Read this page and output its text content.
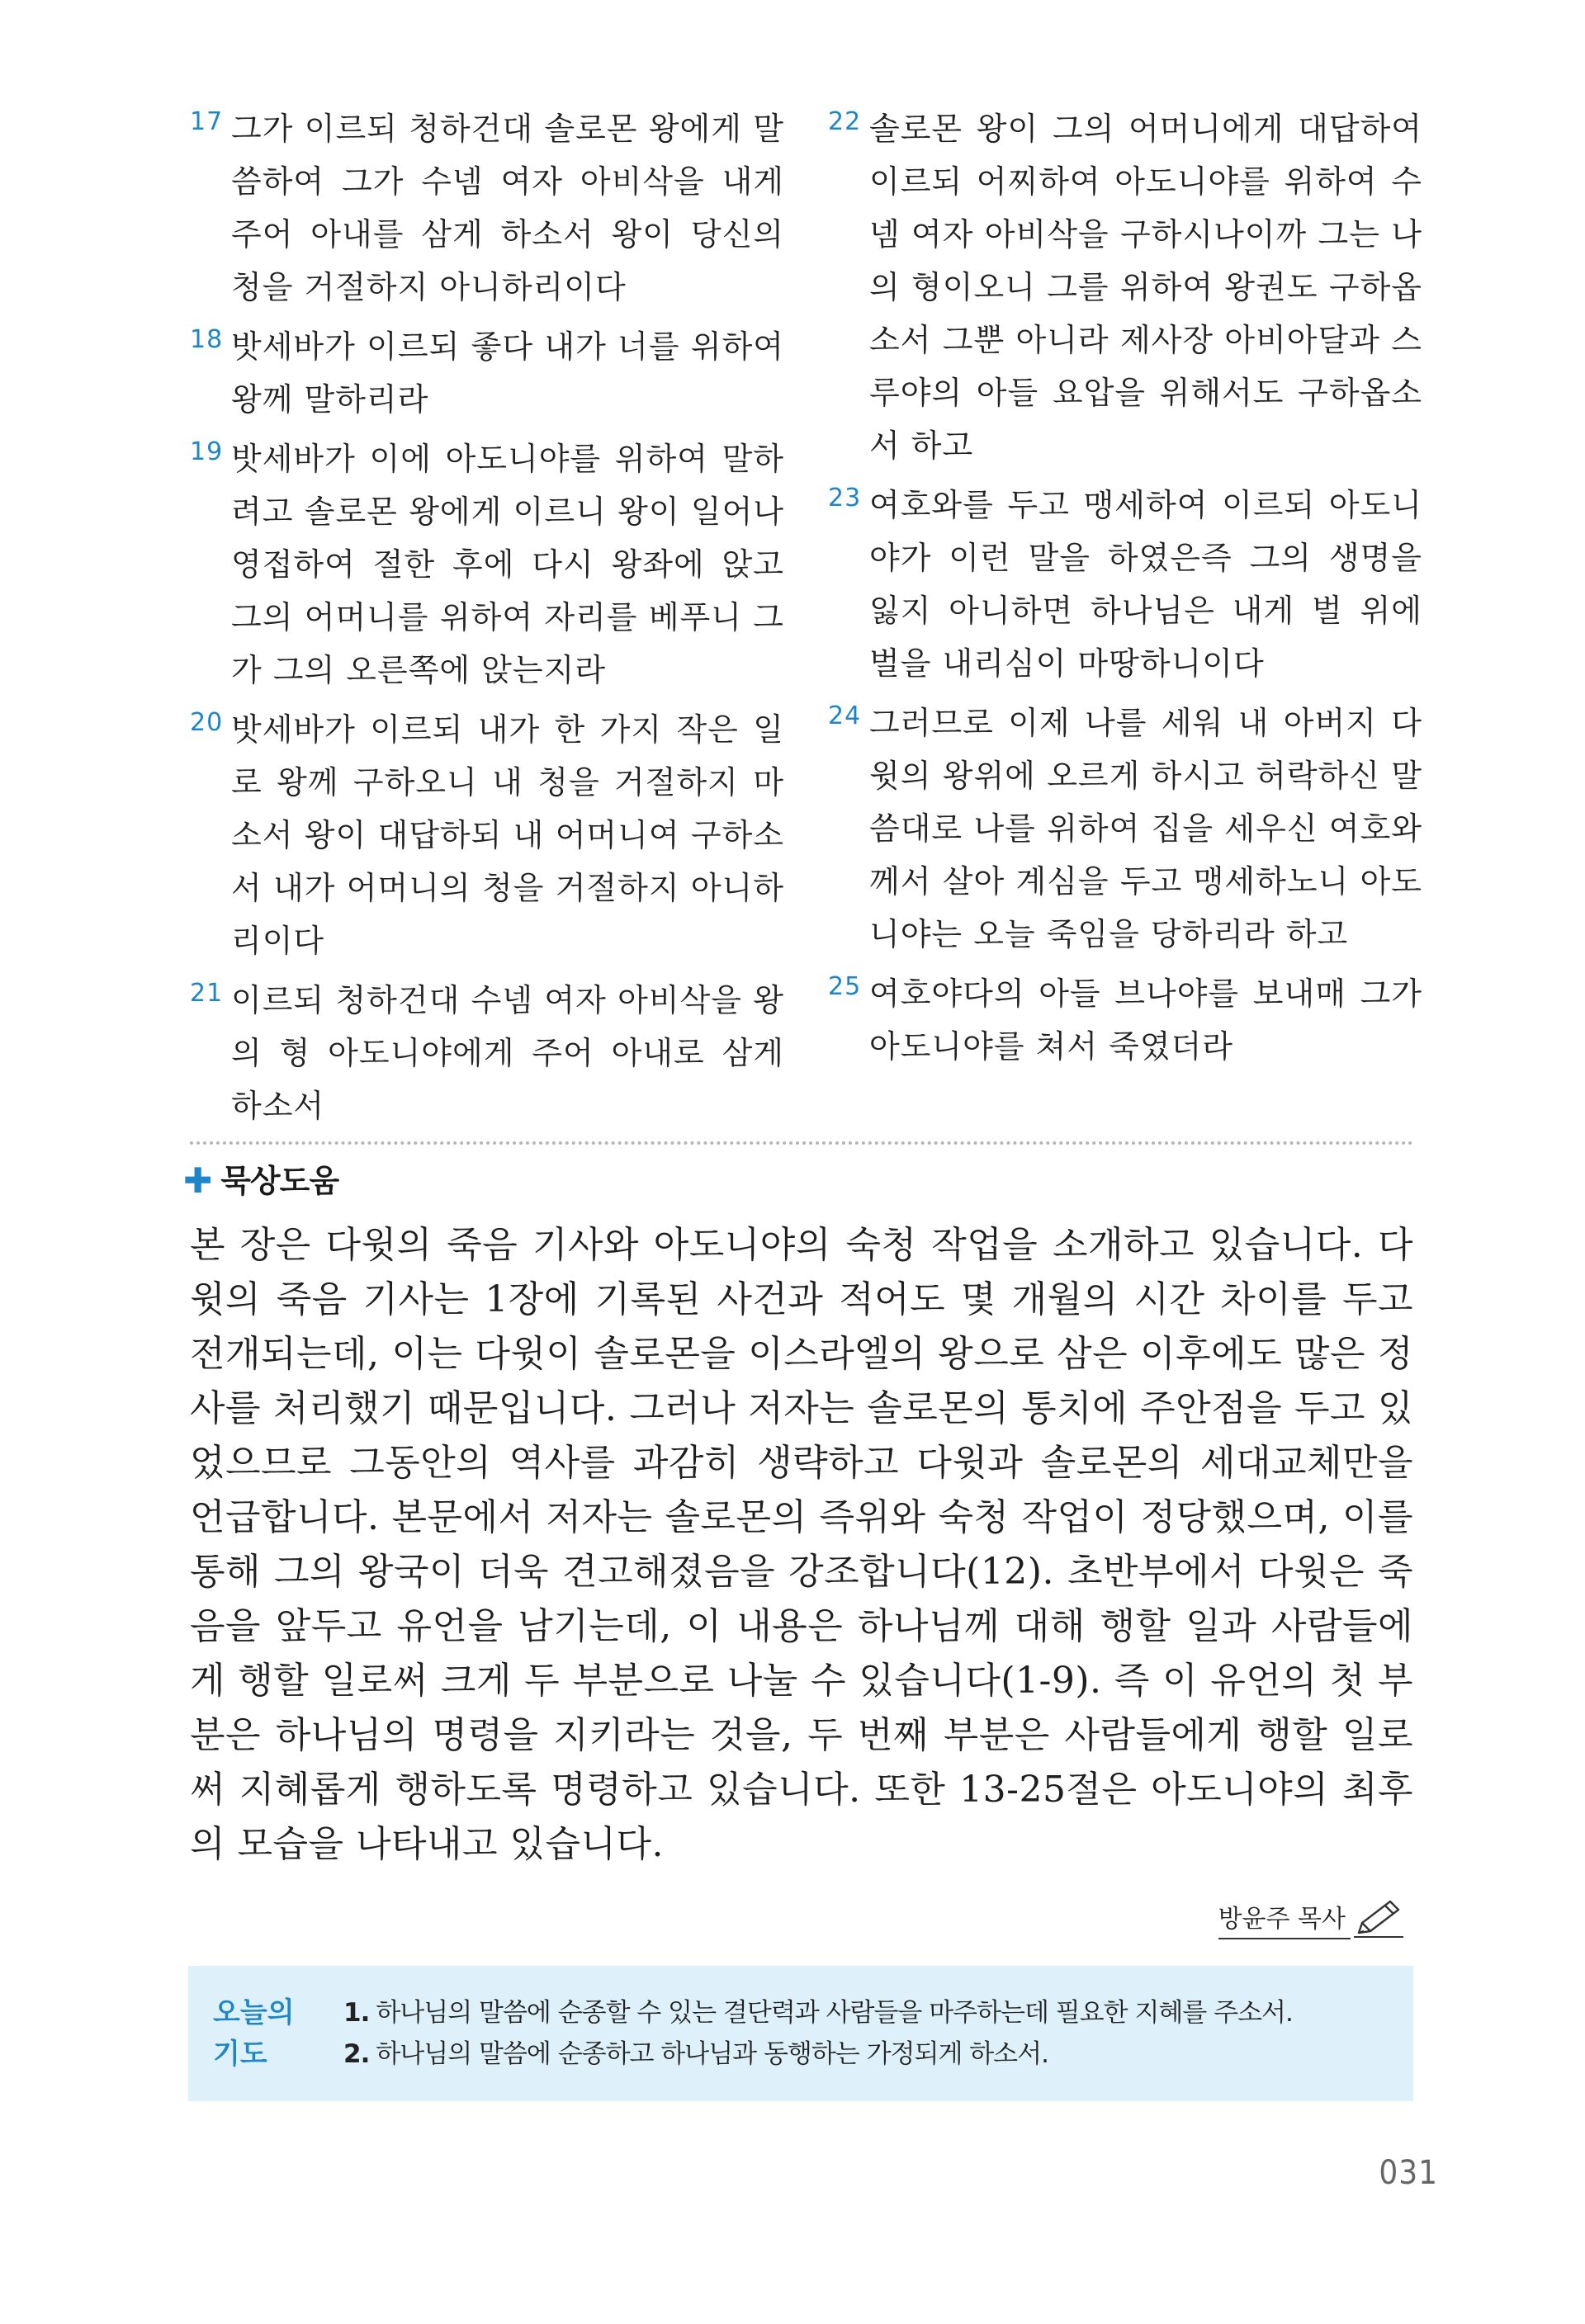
17 그가 이르되 청하건대 솔로몬 왕에게 말씀하여 그가 수넴 여자 아비삭을 내게 주어 아내를 삼게 하소서 왕이 당신의 청을 거절하지 아니하리이다
18 밧세바가 이르되 좋다 내가 너를 위하여 왕께 말하리라
19 밧세바가 이에 아도니야를 위하여 말하려고 솔로몬 왕에게 이르니 왕이 일어나 영접하여 절한 후에 다시 왕좌에 앉고 그의 어머니를 위하여 자리를 베푸니 그가 그의 오른쪽에 앉는지라
20 밧세바가 이르되 내가 한 가지 작은 일로 왕께 구하오니 내 청을 거절하지 마소서 왕이 대답하되 내 어머니여 구하소서 내가 어머니의 청을 거절하지 아니하리이다
21 이르되 청하건대 수넴 여자 아비삭을 왕의 형 아도니야에게 주어 아내로 삼게 하소서
22 솔로몬 왕이 그의 어머니에게 대답하여 이르되 어찌하여 아도니야를 위하여 수넴 여자 아비삭을 구하시나이까 그는 나의 형이오니 그를 위하여 왕권도 구하옵소서 그뿐 아니라 제사장 아비아달과 스루야의 아들 요압을 위해서도 구하옵소서 하고
23 여호와를 두고 맹세하여 이르되 아도니야가 이런 말을 하였은즉 그의 생명을 잃지 아니하면 하나님은 내게 벌 위에 벌을 내리심이 마땅하니이다
24 그러므로 이제 나를 세워 내 아버지 다윗의 왕위에 오르게 하시고 허락하신 말씀대로 나를 위하여 집을 세우신 여호와께서 살아 계심을 두고 맹세하노니 아도니야는 오늘 죽임을 당하리라 하고
25 여호야다의 아들 브나야를 보내매 그가 아도니야를 쳐서 죽였더라
✚ 묵상도움

본 장은 다윗의 죽음 기사와 아도니야의 숙청 작업을 소개하고 있습니다. 다윗의 죽음 기사는 1장에 기록된 사건과 적어도 몇 개월의 시간 차이를 두고 전개되는데, 이는 다윗이 솔로몬을 이스라엘의 왕으로 삼은 이후에도 많은 정사를 처리했기 때문입니다. 그러나 저자는 솔로몬의 통치에 주안점을 두고 있었으므로 그동안의 역사를 과감히 생략하고 다윗과 솔로몬의 세대교체만을 언급합니다. 본문에서 저자는 솔로몬의 즉위와 숙청 작업이 정당했으며, 이를 통해 그의 왕국이 더욱 견고해졌음을 강조합니다(12). 초반부에서 다윗은 죽음을 앞두고 유언을 남기는데, 이 내용은 하나님께 대해 행할 일과 사람들에게 행할 일로써 크게 두 부분으로 나눌 수 있습니다(1-9). 즉 이 유언의 첫 부분은 하나님의 명령을 지키라는 것을, 두 번째 부분은 사람들에게 행할 일로써 지혜롭게 행하도록 명령하고 있습니다. 또한 13-25절은 아도니야의 최후의 모습을 나타내고 있습니다.

방윤주 목사
오늘의
기도
1. 하나님의 말씀에 순종할 수 있는 결단력과 사람들을 마주하는데 필요한 지혜를 주소서.
2. 하나님의 말씀에 순종하고 하나님과 동행하는 가정되게 하소서.
031
